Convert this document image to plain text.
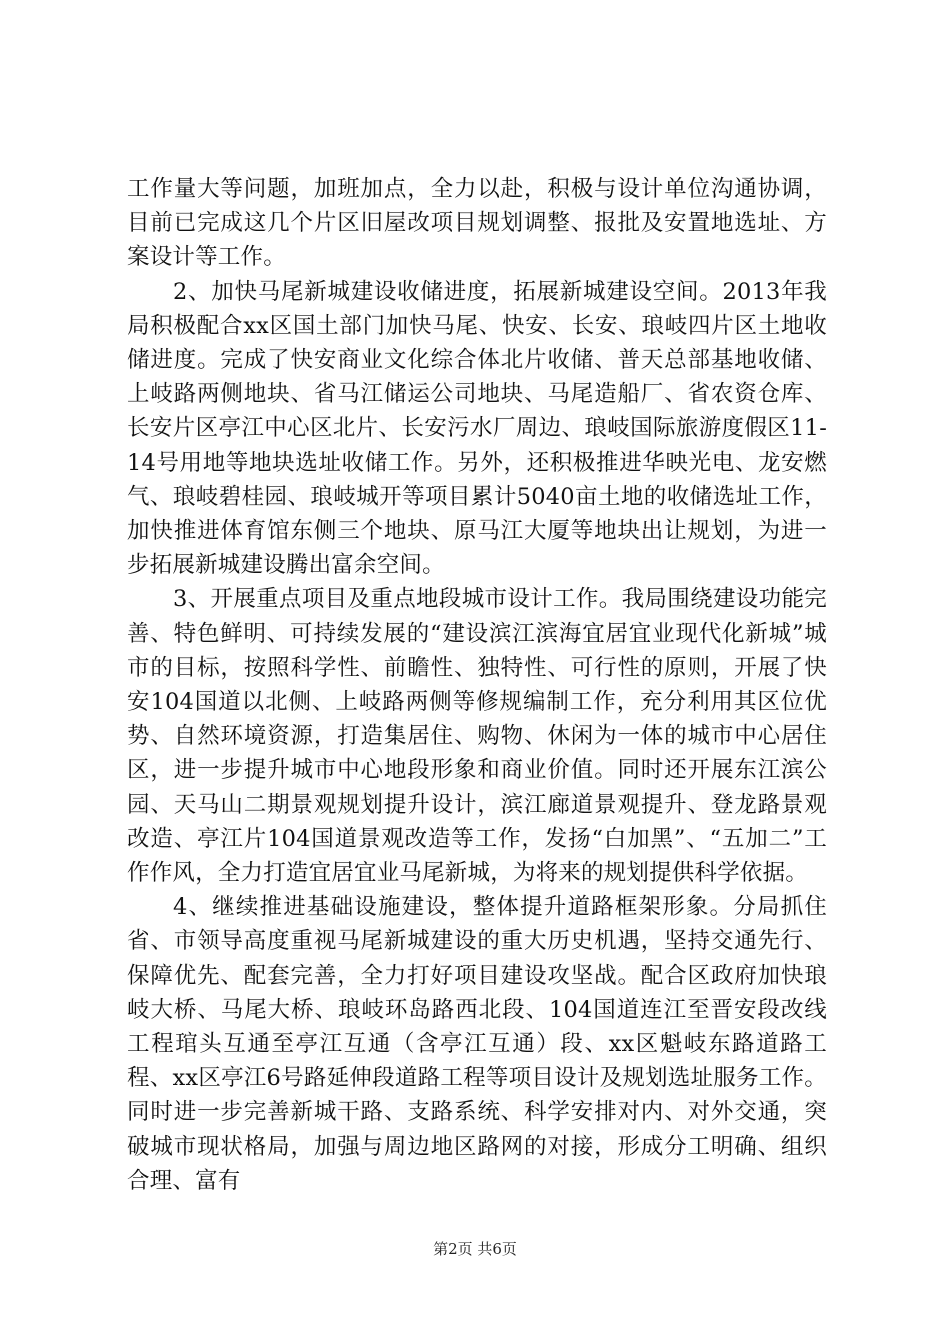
工作量大等问题，加班加点，全力以赴，积极与设计单位沟通协调，目前已完成这几个片区旧屋改项目规划调整、报批及安置地选址、方案设计等工作。

2、加快马尾新城建设收储进度，拓展新城建设空间。2013年我局积极配合xx区国土部门加快马尾、快安、长安、琅岐四片区土地收储进度。完成了快安商业文化综合体北片收储、普天总部基地收储、上岐路两侧地块、省马江储运公司地块、马尾造船厂、省农资仓库、长安片区亭江中心区北片、长安污水厂周边、琅岐国际旅游度假区11-14号用地等地块选址收储工作。另外，还积极推进华映光电、龙安燃气、琅岐碧桂园、琅岐城开等项目累计5040亩土地的收储选址工作，加快推进体育馆东侧三个地块、原马江大厦等地块出让规划，为进一步拓展新城建设腾出富余空间。

3、开展重点项目及重点地段城市设计工作。我局围绕建设功能完善、特色鲜明、可持续发展的“建设滨江滨海宜居宜业现代化新城”城市的目标，按照科学性、前瞻性、独特性、可行性的原则，开展了快安104国道以北侧、上岐路两侧等修规编制工作，充分利用其区位优势、自然环境资源，打造集居住、购物、休闲为一体的城市中心居住区，进一步提升城市中心地段形象和商业价值。同时还开展东江滨公园、天马山二期景观规划提升设计，滨江廊道景观提升、登龙路景观改造、亭江片104国道景观改造等工作，发扬“白加黑”、“五加二”工作作风，全力打造宜居宜业马尾新城，为将来的规划提供科学依据。

4、继续推进基础设施建设，整体提升道路框架形象。分局抓住省、市领导高度重视马尾新城建设的重大历史机遇，坚持交通先行、保障优先、配套完善，全力打好项目建设攻坚战。配合区政府加快琅岐大桥、马尾大桥、琅岐环岛路西北段、104国道连江至晋安段改线工程琯头互通至亭江互通（含亭江互通）段、xx区魁岐东路道路工程、xx区亭江6号路延伸段道路工程等项目设计及规划选址服务工作。同时进一步完善新城干路、支路系统、科学安排对内、对外交通，突破城市现状格局，加强与周边地区路网的对接，形成分工明确、组织合理、富有

第2页 共6页
